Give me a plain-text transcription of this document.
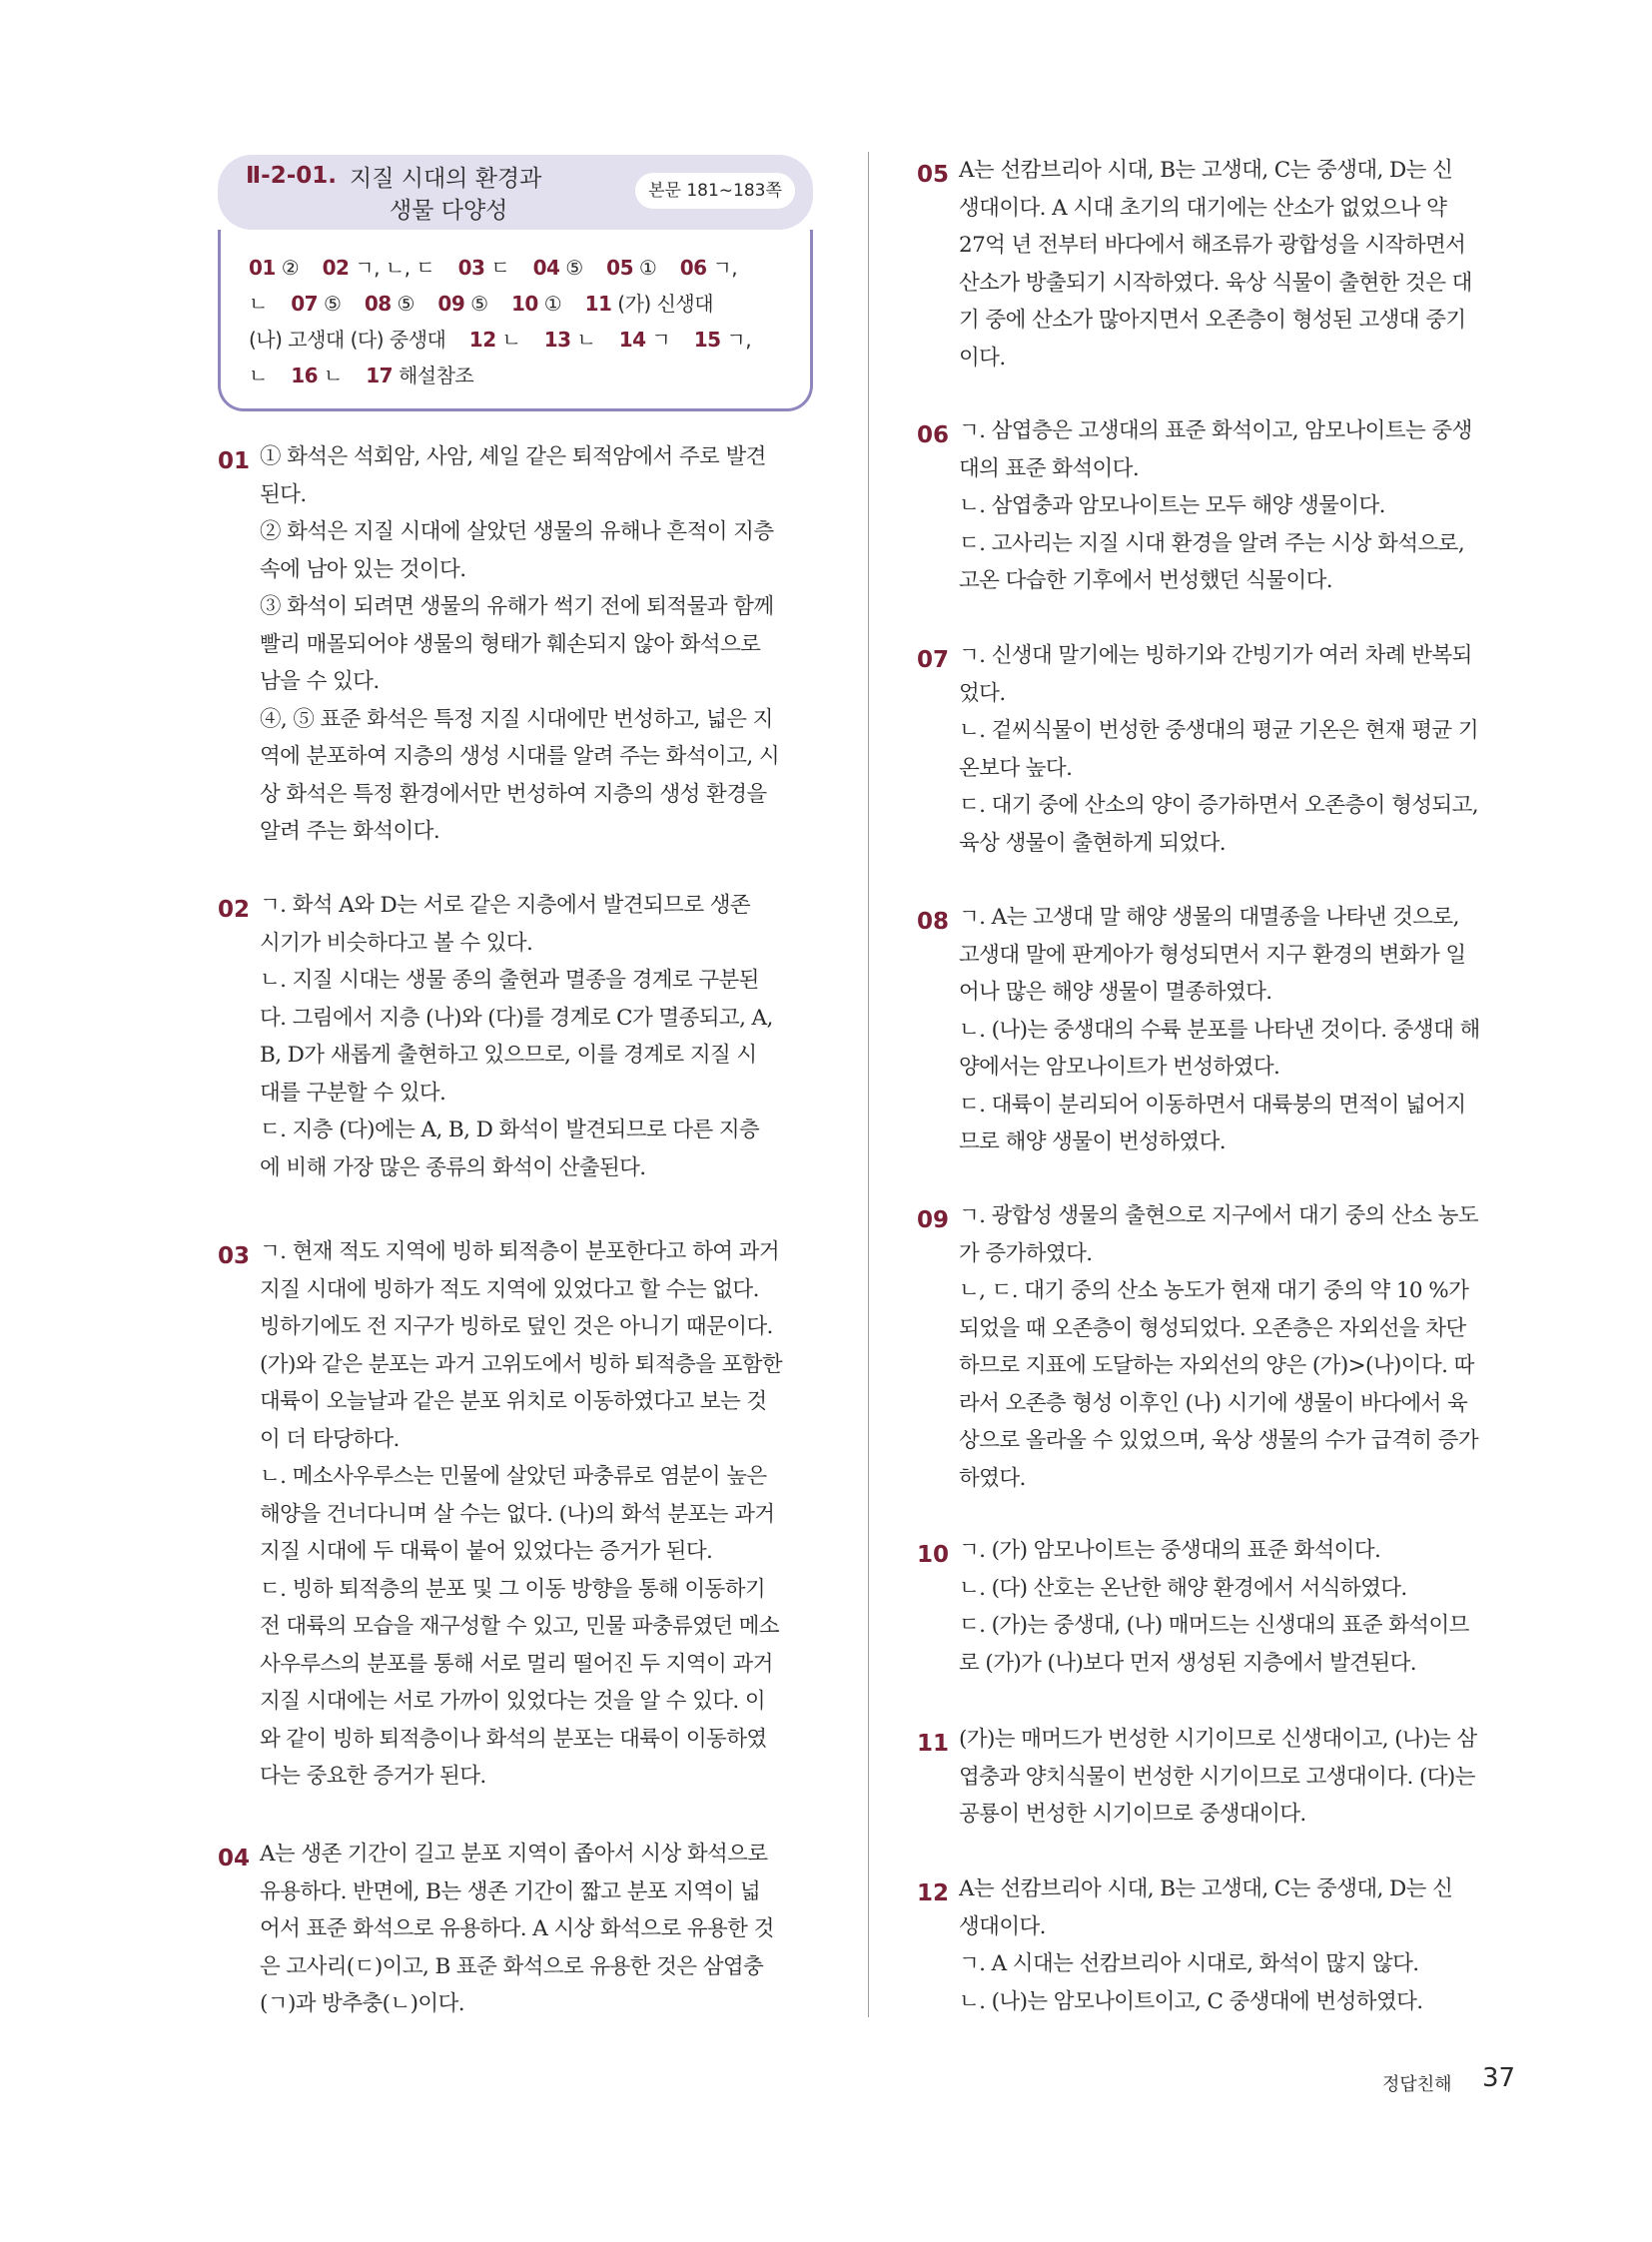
Ⅱ-2-01. 지질 시대의 환경과
생물 다양성
본문 181~183쪽
01 ② 02 ㄱ, ㄴ, ㄷ 03 ㄷ 04 ⑤ 05 ① 06 ㄱ,
ㄴ 07 ⑤ 08 ⑤ 09 ⑤ 10 ① 11 (가) 신생대
(나) 고생대 (다) 중생대 12 ㄴ 13 ㄴ 14 ㄱ 15 ㄱ,
ㄴ 16 ㄴ 17 해설참조
01 ① 화석은 석회암, 사암, 셰일 같은 퇴적암에서 주로 발견
된다.
② 화석은 지질 시대에 살았던 생물의 유해나 흔적이 지층
속에 남아 있는 것이다.
③ 화석이 되려면 생물의 유해가 썩기 전에 퇴적물과 함께
빨리 매몰되어야 생물의 형태가 훼손되지 않아 화석으로
남을 수 있다.
④, ⑤ 표준 화석은 특정 지질 시대에만 번성하고, 넓은 지
역에 분포하여 지층의 생성 시대를 알려 주는 화석이고, 시
상 화석은 특정 환경에서만 번성하여 지층의 생성 환경을
알려 주는 화석이다.
02 ㄱ. 화석 A와 D는 서로 같은 지층에서 발견되므로 생존
시기가 비슷하다고 볼 수 있다.
ㄴ. 지질 시대는 생물 종의 출현과 멸종을 경계로 구분된
다. 그림에서 지층 (나)와 (다)를 경계로 C가 멸종되고, A,
B, D가 새롭게 출현하고 있으므로, 이를 경계로 지질 시
대를 구분할 수 있다.
ㄷ. 지층 (다)에는 A, B, D 화석이 발견되므로 다른 지층
에 비해 가장 많은 종류의 화석이 산출된다.
03 ㄱ. 현재 적도 지역에 빙하 퇴적층이 분포한다고 하여 과거
지질 시대에 빙하가 적도 지역에 있었다고 할 수는 없다.
빙하기에도 전 지구가 빙하로 덮인 것은 아니기 때문이다.
(가)와 같은 분포는 과거 고위도에서 빙하 퇴적층을 포함한
대륙이 오늘날과 같은 분포 위치로 이동하였다고 보는 것
이 더 타당하다.
ㄴ. 메소사우루스는 민물에 살았던 파충류로 염분이 높은
해양을 건너다니며 살 수는 없다. (나)의 화석 분포는 과거
지질 시대에 두 대륙이 붙어 있었다는 증거가 된다.
ㄷ. 빙하 퇴적층의 분포 및 그 이동 방향을 통해 이동하기
전 대륙의 모습을 재구성할 수 있고, 민물 파충류였던 메소
사우루스의 분포를 통해 서로 멀리 떨어진 두 지역이 과거
지질 시대에는 서로 가까이 있었다는 것을 알 수 있다. 이
와 같이 빙하 퇴적층이나 화석의 분포는 대륙이 이동하였
다는 중요한 증거가 된다.
04 A는 생존 기간이 길고 분포 지역이 좁아서 시상 화석으로
유용하다. 반면에, B는 생존 기간이 짧고 분포 지역이 넓
어서 표준 화석으로 유용하다. A 시상 화석으로 유용한 것
은 고사리(ㄷ)이고, B 표준 화석으로 유용한 것은 삼엽충
(ㄱ)과 방추충(ㄴ)이다.
05 A는 선캄브리아 시대, B는 고생대, C는 중생대, D는 신
생대이다. A 시대 초기의 대기에는 산소가 없었으나 약
27억 년 전부터 바다에서 해조류가 광합성을 시작하면서
산소가 방출되기 시작하였다. 육상 식물이 출현한 것은 대
기 중에 산소가 많아지면서 오존층이 형성된 고생대 중기
이다.
06 ㄱ. 삼엽층은 고생대의 표준 화석이고, 암모나이트는 중생
대의 표준 화석이다.
ㄴ. 삼엽충과 암모나이트는 모두 해양 생물이다.
ㄷ. 고사리는 지질 시대 환경을 알려 주는 시상 화석으로,
고온 다습한 기후에서 번성했던 식물이다.
07 ㄱ. 신생대 말기에는 빙하기와 간빙기가 여러 차례 반복되
었다.
ㄴ. 겉씨식물이 번성한 중생대의 평균 기온은 현재 평균 기
온보다 높다.
ㄷ. 대기 중에 산소의 양이 증가하면서 오존층이 형성되고,
육상 생물이 출현하게 되었다.
08 ㄱ. A는 고생대 말 해양 생물의 대멸종을 나타낸 것으로,
고생대 말에 판게아가 형성되면서 지구 환경의 변화가 일
어나 많은 해양 생물이 멸종하였다.
ㄴ. (나)는 중생대의 수륙 분포를 나타낸 것이다. 중생대 해
양에서는 암모나이트가 번성하였다.
ㄷ. 대륙이 분리되어 이동하면서 대륙붕의 면적이 넓어지
므로 해양 생물이 번성하였다.
09 ㄱ. 광합성 생물의 출현으로 지구에서 대기 중의 산소 농도
가 증가하였다.
ㄴ, ㄷ. 대기 중의 산소 농도가 현재 대기 중의 약 10 %가
되었을 때 오존층이 형성되었다. 오존층은 자외선을 차단
하므로 지표에 도달하는 자외선의 양은 (가)>(나)이다. 따
라서 오존층 형성 이후인 (나) 시기에 생물이 바다에서 육
상으로 올라올 수 있었으며, 육상 생물의 수가 급격히 증가
하였다.
10 ㄱ. (가) 암모나이트는 중생대의 표준 화석이다.
ㄴ. (다) 산호는 온난한 해양 환경에서 서식하였다.
ㄷ. (가)는 중생대, (나) 매머드는 신생대의 표준 화석이므
로 (가)가 (나)보다 먼저 생성된 지층에서 발견된다.
11 (가)는 매머드가 번성한 시기이므로 신생대이고, (나)는 삼
엽충과 양치식물이 번성한 시기이므로 고생대이다. (다)는
공룡이 번성한 시기이므로 중생대이다.
12 A는 선캄브리아 시대, B는 고생대, C는 중생대, D는 신
생대이다.
ㄱ. A 시대는 선캄브리아 시대로, 화석이 많지 않다.
ㄴ. (나)는 암모나이트이고, C 중생대에 번성하였다.
정답친해 37
